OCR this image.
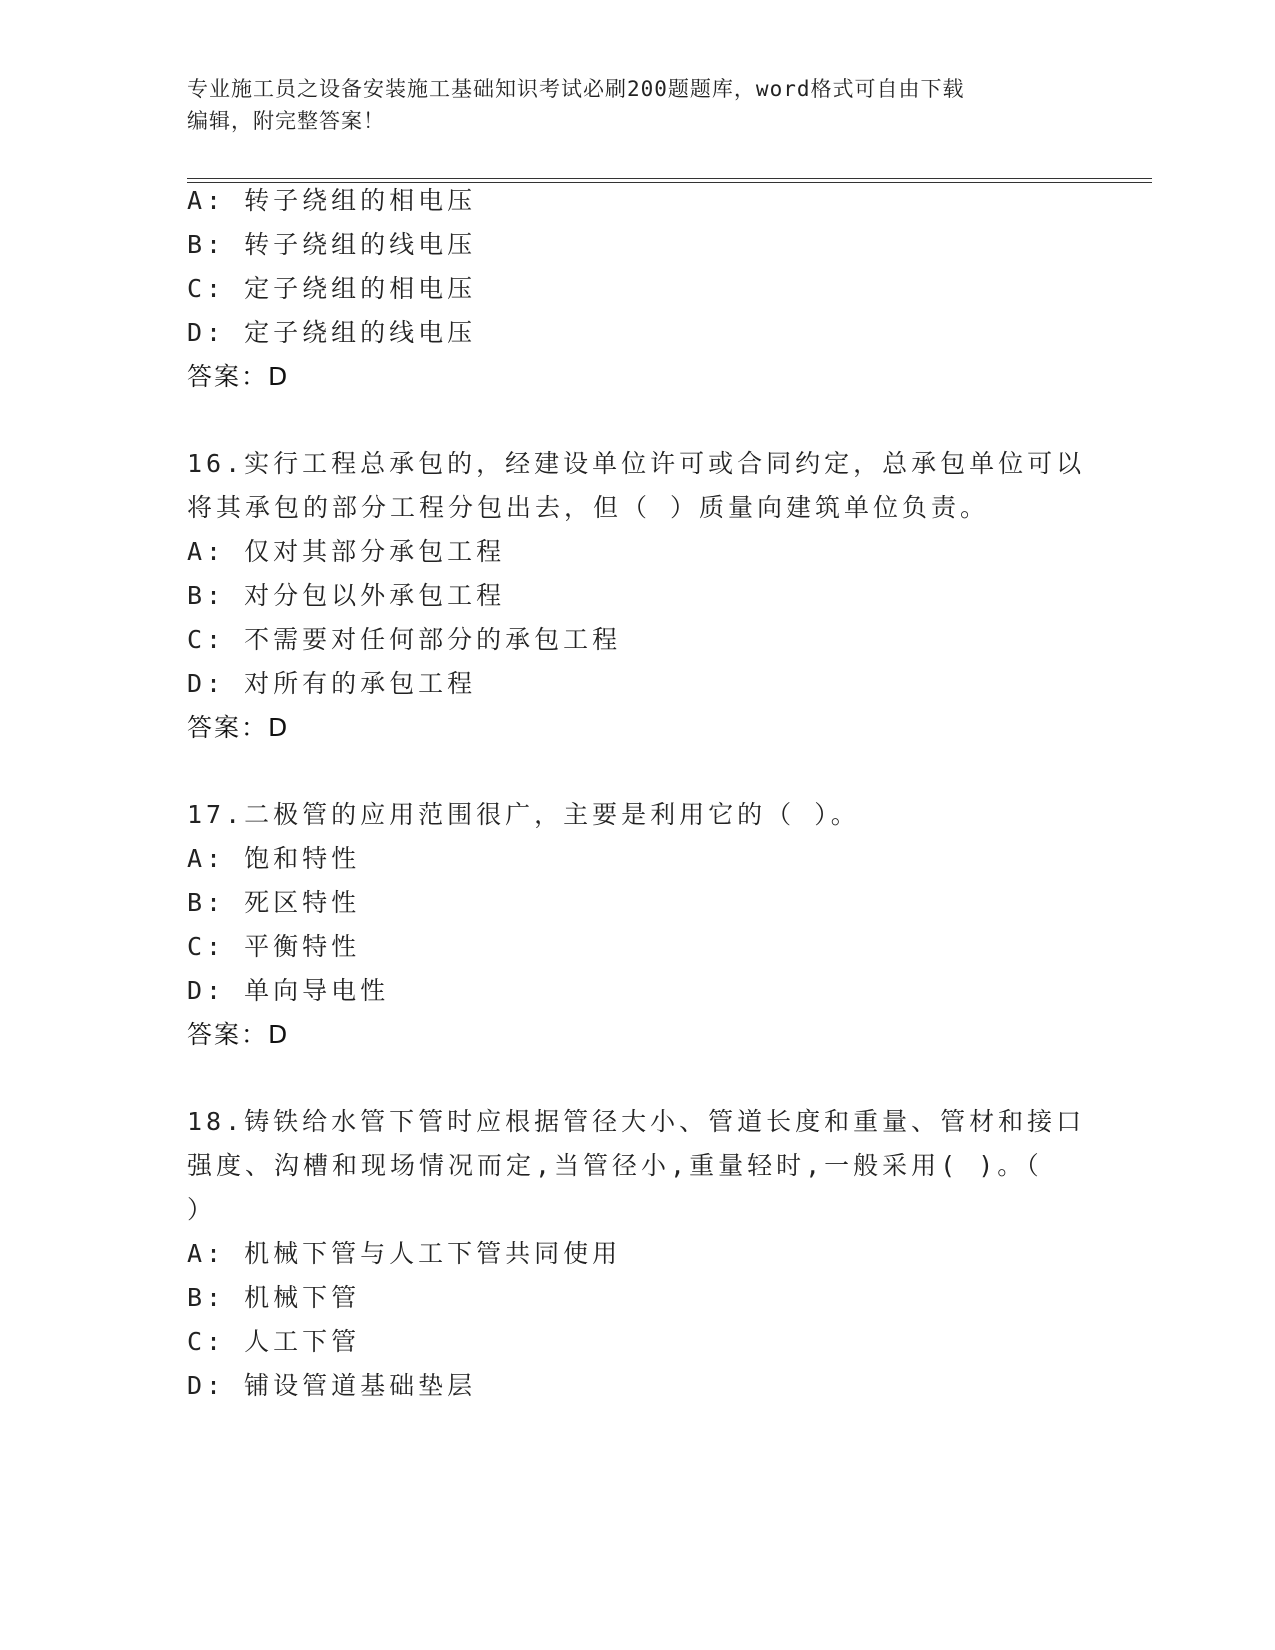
专业施工员之设备安装施工基础知识考试必刷200题题库，word格式可自由下载
编辑，附完整答案！
A: 转子绕组的相电压
B: 转子绕组的线电压
C: 定子绕组的相电压
D: 定子绕组的线电压
答案：D
16.实行工程总承包的，经建设单位许可或合同约定，总承包单位可以
将其承包的部分工程分包出去，但（ ）质量向建筑单位负责。
A: 仅对其部分承包工程
B: 对分包以外承包工程
C: 不需要对任何部分的承包工程
D: 对所有的承包工程
答案：D
17.二极管的应用范围很广，主要是利用它的（ ）。
A: 饱和特性
B: 死区特性
C: 平衡特性
D: 单向导电性
答案：D
18.铸铁给水管下管时应根据管径大小、管道长度和重量、管材和接口
强度、沟槽和现场情况而定,当管径小,重量轻时,一般采用( )。（
）
A: 机械下管与人工下管共同使用
B: 机械下管
C: 人工下管
D: 铺设管道基础垫层
